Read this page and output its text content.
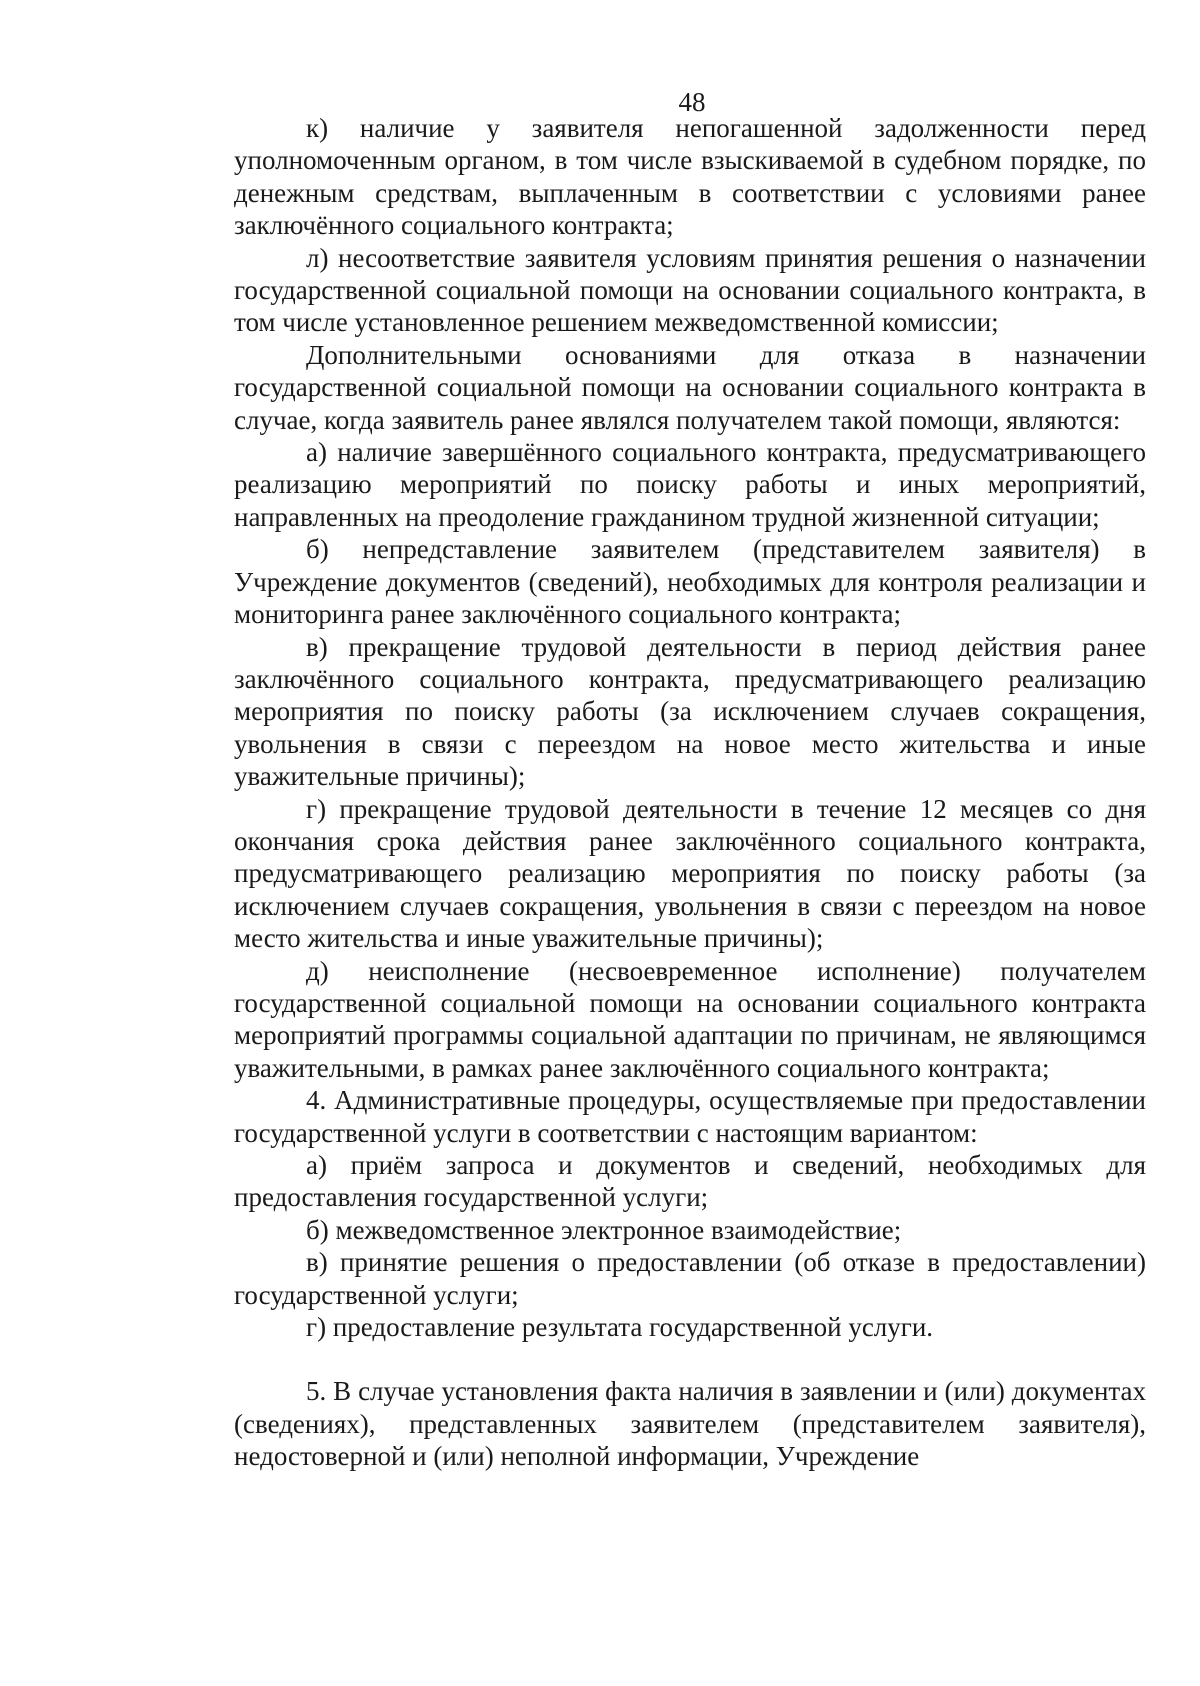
48

к) наличие у заявителя непогашенной задолженности перед уполномоченным органом, в том числе взыскиваемой в судебном порядке, по денежным средствам, выплаченным в соответствии с условиями ранее заключённого социального контракта;

л) несоответствие заявителя условиям принятия решения о назначении государственной социальной помощи на основании социального контракта, в том числе установленное решением межведомственной комиссии;

Дополнительными основаниями для отказа в назначении государственной социальной помощи на основании социального контракта в случае, когда заявитель ранее являлся получателем такой помощи, являются:

а) наличие завершённого социального контракта, предусматривающего реализацию мероприятий по поиску работы и иных мероприятий, направленных на преодоление гражданином трудной жизненной ситуации;

б) непредставление заявителем (представителем заявителя) в Учреждение документов (сведений), необходимых для контроля реализации и мониторинга ранее заключённого социального контракта;

в) прекращение трудовой деятельности в период действия ранее заключённого социального контракта, предусматривающего реализацию мероприятия по поиску работы (за исключением случаев сокращения, увольнения в связи с переездом на новое место жительства и иные уважительные причины);

г) прекращение трудовой деятельности в течение 12 месяцев со дня окончания срока действия ранее заключённого социального контракта, предусматривающего реализацию мероприятия по поиску работы (за исключением случаев сокращения, увольнения в связи с переездом на новое место жительства и иные уважительные причины);

д) неисполнение (несвоевременное исполнение) получателем государственной социальной помощи на основании социального контракта мероприятий программы социальной адаптации по причинам, не являющимся уважительными, в рамках ранее заключённого социального контракта;

4. Административные процедуры, осуществляемые при предоставлении государственной услуги в соответствии с настоящим вариантом:

а) приём запроса и документов и сведений, необходимых для предоставления государственной услуги;

б) межведомственное электронное взаимодействие;

в) принятие решения о предоставлении (об отказе в предоставлении) государственной услуги;

г) предоставление результата государственной услуги.

5. В случае установления факта наличия в заявлении и (или) документах (сведениях), представленных заявителем (представителем заявителя), недостоверной и (или) неполной информации, Учреждение
